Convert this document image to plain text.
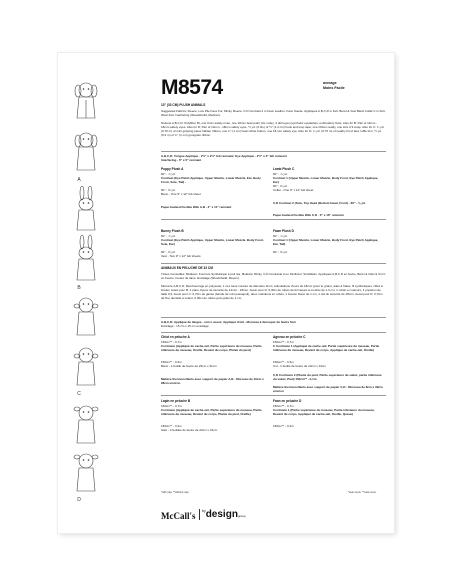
A
B
C
D
M8574	average
Moins Facile
13" (33 CM) PLUSH ANIMALS
Suggested Fabrics: Fleece, Low Pile Faux Fur, Minky Fleece. C,D Contrast 2 in Faux Leather, Faux Suede. Appliques A,B,C,D in Felt. Beret & Vest Band Collar C in Felt, Wool Felt. Interfacing (Woodsheild, Medium).
Notions A,B,C,D: Polyfiber fill, one 9mm safety nose, one 18mm bear paint (for mole), 3 doll eyes (synthetic eyelashes; embroidery floss. Also for B: Pair of 14mm - 18mm safety eyes. Also for D: Pair of 14mm - 18mm safety eyes, ½ yd. (0.3m) of ½" (1.3 cm) hook and loop tape; one ribbon neatly, one size 0.9 snap. Also for C: ¾ yd. (0.70 m) of mini gripping piece hidden ribbon, one ¼" (1 cm) heart white button, one 18 mm safety eye. Also for D: ¾ yd. (0.70 m) of nearby bit of lace ruffle trim, ½ yd. (0.3 m) of ¾" (1 cm) grosgrain ribbon.
A,B,C,D: Tongue Applique - 2½" x 2½" felt remnant; Eye Applique - 2½" x 2" felt remnant
Interfacing - 6" x 6" remnant
Puppy Plush A
60" - ⅞ yd.
Contrast (Eye Patch Applique, Upper Muzzle, Lower Muzzle, Ear, Body Front, Sole, Tail) -
60" - ⅜ yd.
Beret - One 9" x 12" felt sheet
Paper-backed Fusible Web A,B - 4" x 11" remnant
Lamb Plush C
60" - ⅞ yd.
Contrast 1 (Upper Muzzle, Lower Muzzle, Body Front, Eye Patch Applique, Ear)
60" - ⅜ yd.
Collar - One 9" x 12" felt sheet
C,D Contrast 2 (Sole, Top Head (Bottom Head, Front) - 60" - ⅛ yd.
Paper-backed Fusible Web C,D - 3" x 16" remnant
Bunny Plush B
60" - ⅞ yd.
Contrast (Eye Patch Applique, Upper Muzzle, Lower Muzzle, Body Front, Sole, Ear)
60" - ⅜ yd.
Vest - Two 9" x 12" felt sheets
Fawn Plush D
60" - ⅞ yd.
Contrast 1 (Upper Muzzle, Lower Muzzle, Body Front, Eye Patch Applique, Ear, Tail)
60" - ⅜ yd.
ANIMAUX EN PELUCHE DE 33 CM
Tissus Conseillés: Molleton, Fourrure Synthétique à poil ras, Molleton Minky. C,D Contraste 2 en Similicuir, Similidaim. Appliqués A,B,C,D en feutre. Béret & Gilet & Col C en Feutre, Feutre de laine. Entoilage (Woodsheild, Moyen).
Mercerie A,B,C,D: Rembourrage en polyester, 1 nez sans couture de diamètre 9mm, articulations d'ours de 18mm (pour le grain), ailes à fraise, fil synthétiques, cilles à broder. Aussi pour B: 1 paire d'yeux de sécurité de 14mm - 18mm. Aussi pour D: 0,30m de ruban de fermeture à crochet de 1,3 cm, 1 ruban en velours, 1 pression de taille 0,9. Aussi pour C: 0,70m de gansé (bande de mini passepoil), deux maintiens en ruban, 1 bouton blanc de 1 cm, 1 œil de sécurité de 18mm. Aussi pour D: 0,70m de fine dentelle à volant, 0,30m de ruban gros-grain de 1 cm.
A,B,C,D: Appliqué de langue - rem n assez; Appliqué d'œil - Morceau à découper de feutre 5cm
Entoilage - 15 cm x 15 cm entoilage
Chiot en peluche A
150cm** - 0,7m
Contraste (Appliqué de cache-œil, Partie supérieure du museau, Partie inférieure du museau, Oreille, Devant du corps, Plante du pied)
150cm** - 0,3m
Béret - 1 feuille de feutre de 23cm x 31cm
Matière thermocollante avec support de papier A,B - Morceau de 10cm x 28cm environ
Agneau en peluche C
150cm** - 0,7m
C Contraste 1 (Appliqué de cache-œil, Partie supérieure du museau, Partie inférieure du museau, Devant du corps, Appliqué de cache-œil, Oreille)
150cm** - 0,3m
Col - 1 feuille de feutre de 23cm x 31cm
C,D Contraste 2 (Plante du pied, Partie supérieure du sabot, partie inférieure du sabot, Pied) 150cm** - 0,1m
Matière thermocollante avec support de papier C,D - Morceau de 8cm x 39cm environ
Lapin en peluche B
150cm** - 0,7m
Contraste (Appliqué de cache-œil, Partie supérieure du museau, Partie inférieure du museau, Devant du corps, Plante du pied, Oreille)
150cm** - 0,3m
Gilet - 2 feuilles de feutre de 23cm x 31cm
Faon en peluche D
150cm** - 0,7m
Contraste 1 (Partie supérieure du museau, Partie inférieure du museau, Devant du corps, Appliqué de cache-œil, Oreille, Queue)
150cm** - 0,3m
*with nap. **without nap.	*avec sens. **sans sens.
McCall's	$^{by}$designgroup
